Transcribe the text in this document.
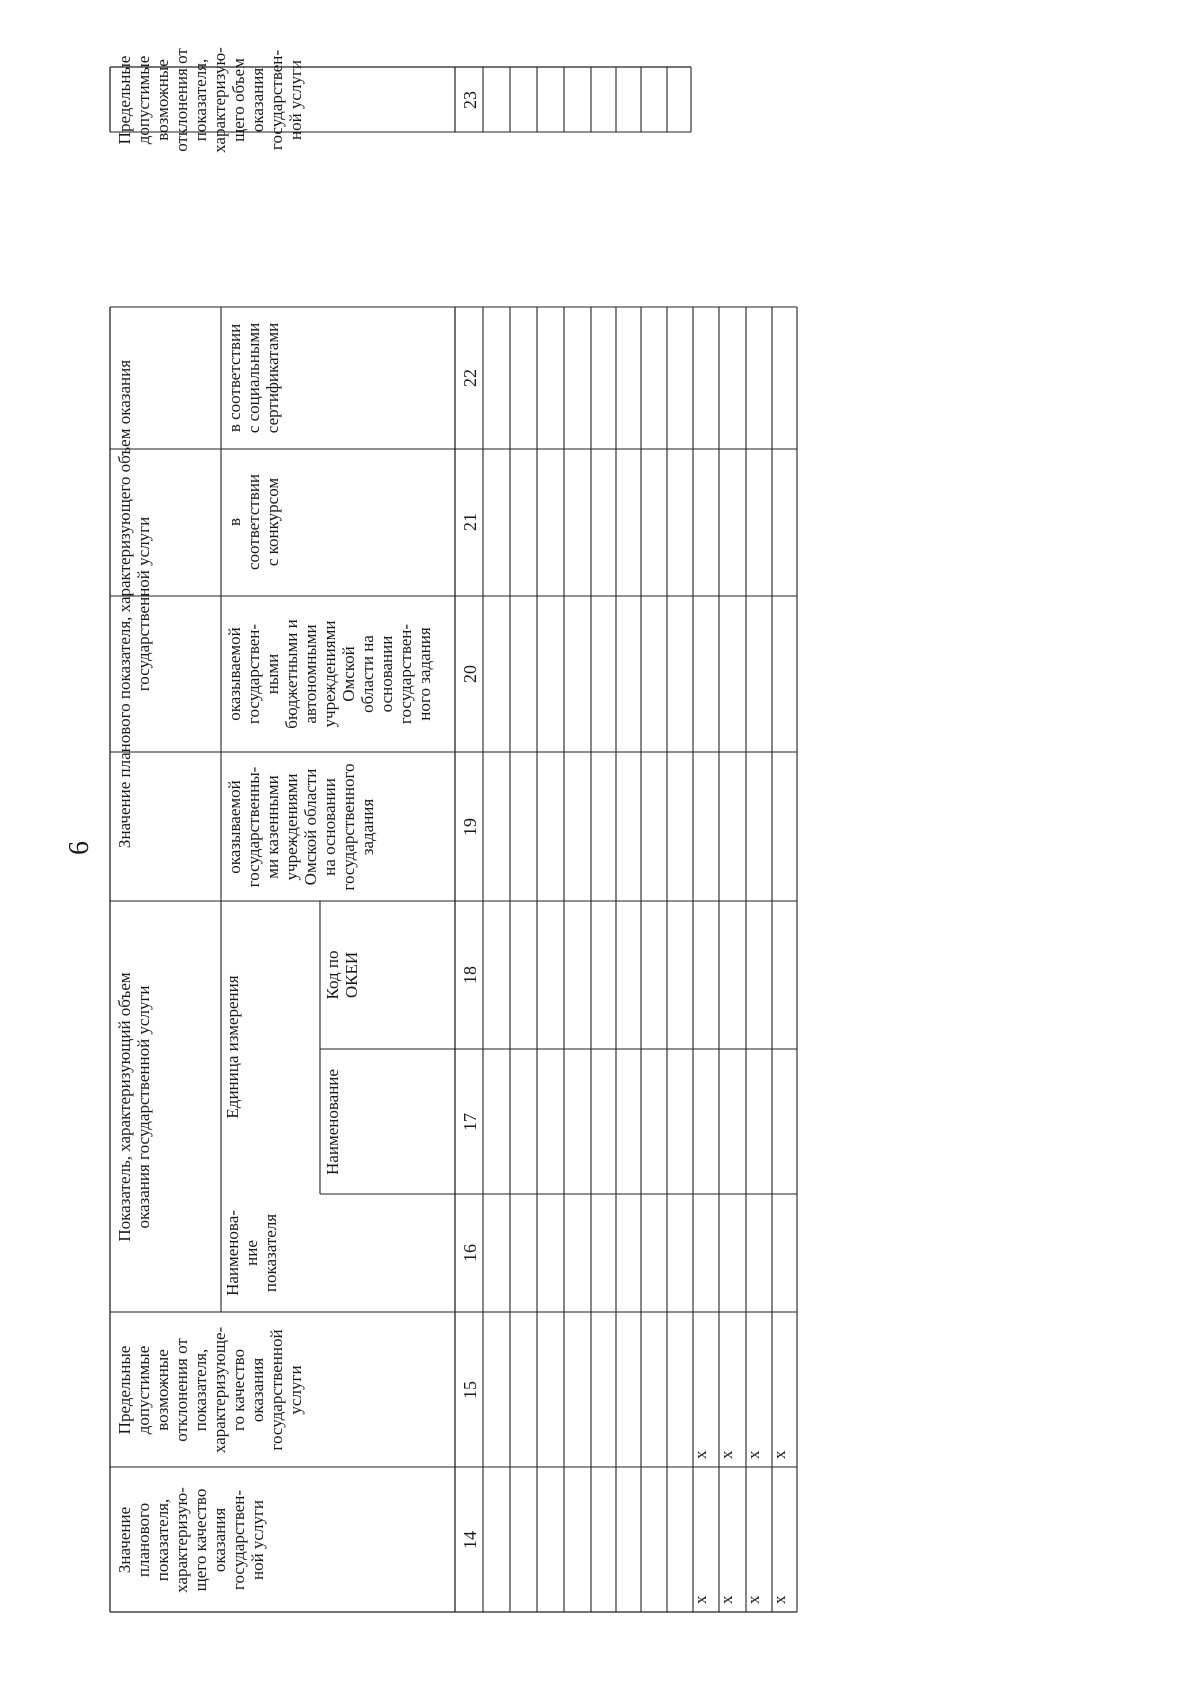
6
Значение планового показателя, характеризую- щего качество оказания государствен- ной услуги
Предельные допустимые возможные отклонения от показателя, характеризующе- го качество оказания государственной услуги
Показатель, характеризующий объем оказания государственной услуги
Наименова- ние показателя
Единица измерения
Наименование
Код по ОКЕИ
Значение планового показателя, характеризующего объем оказания государственной услуги
оказываемой государственны- ми казенными учреждениями Омской области на основании государственного задания
оказываемой государствен- ными бюджетными и автономными учреждениями Омской области на основании государствен- ного задания
в соответствии с конкурсом
в соответствии с социальными сертификатами
Предельные допустимые возможные отклонения от показателя, характеризую- щего объем оказания государствен- ной услуги
14
15
16
17
18
19
20
21
22
23
х
х
х
х
х
х
х
х
